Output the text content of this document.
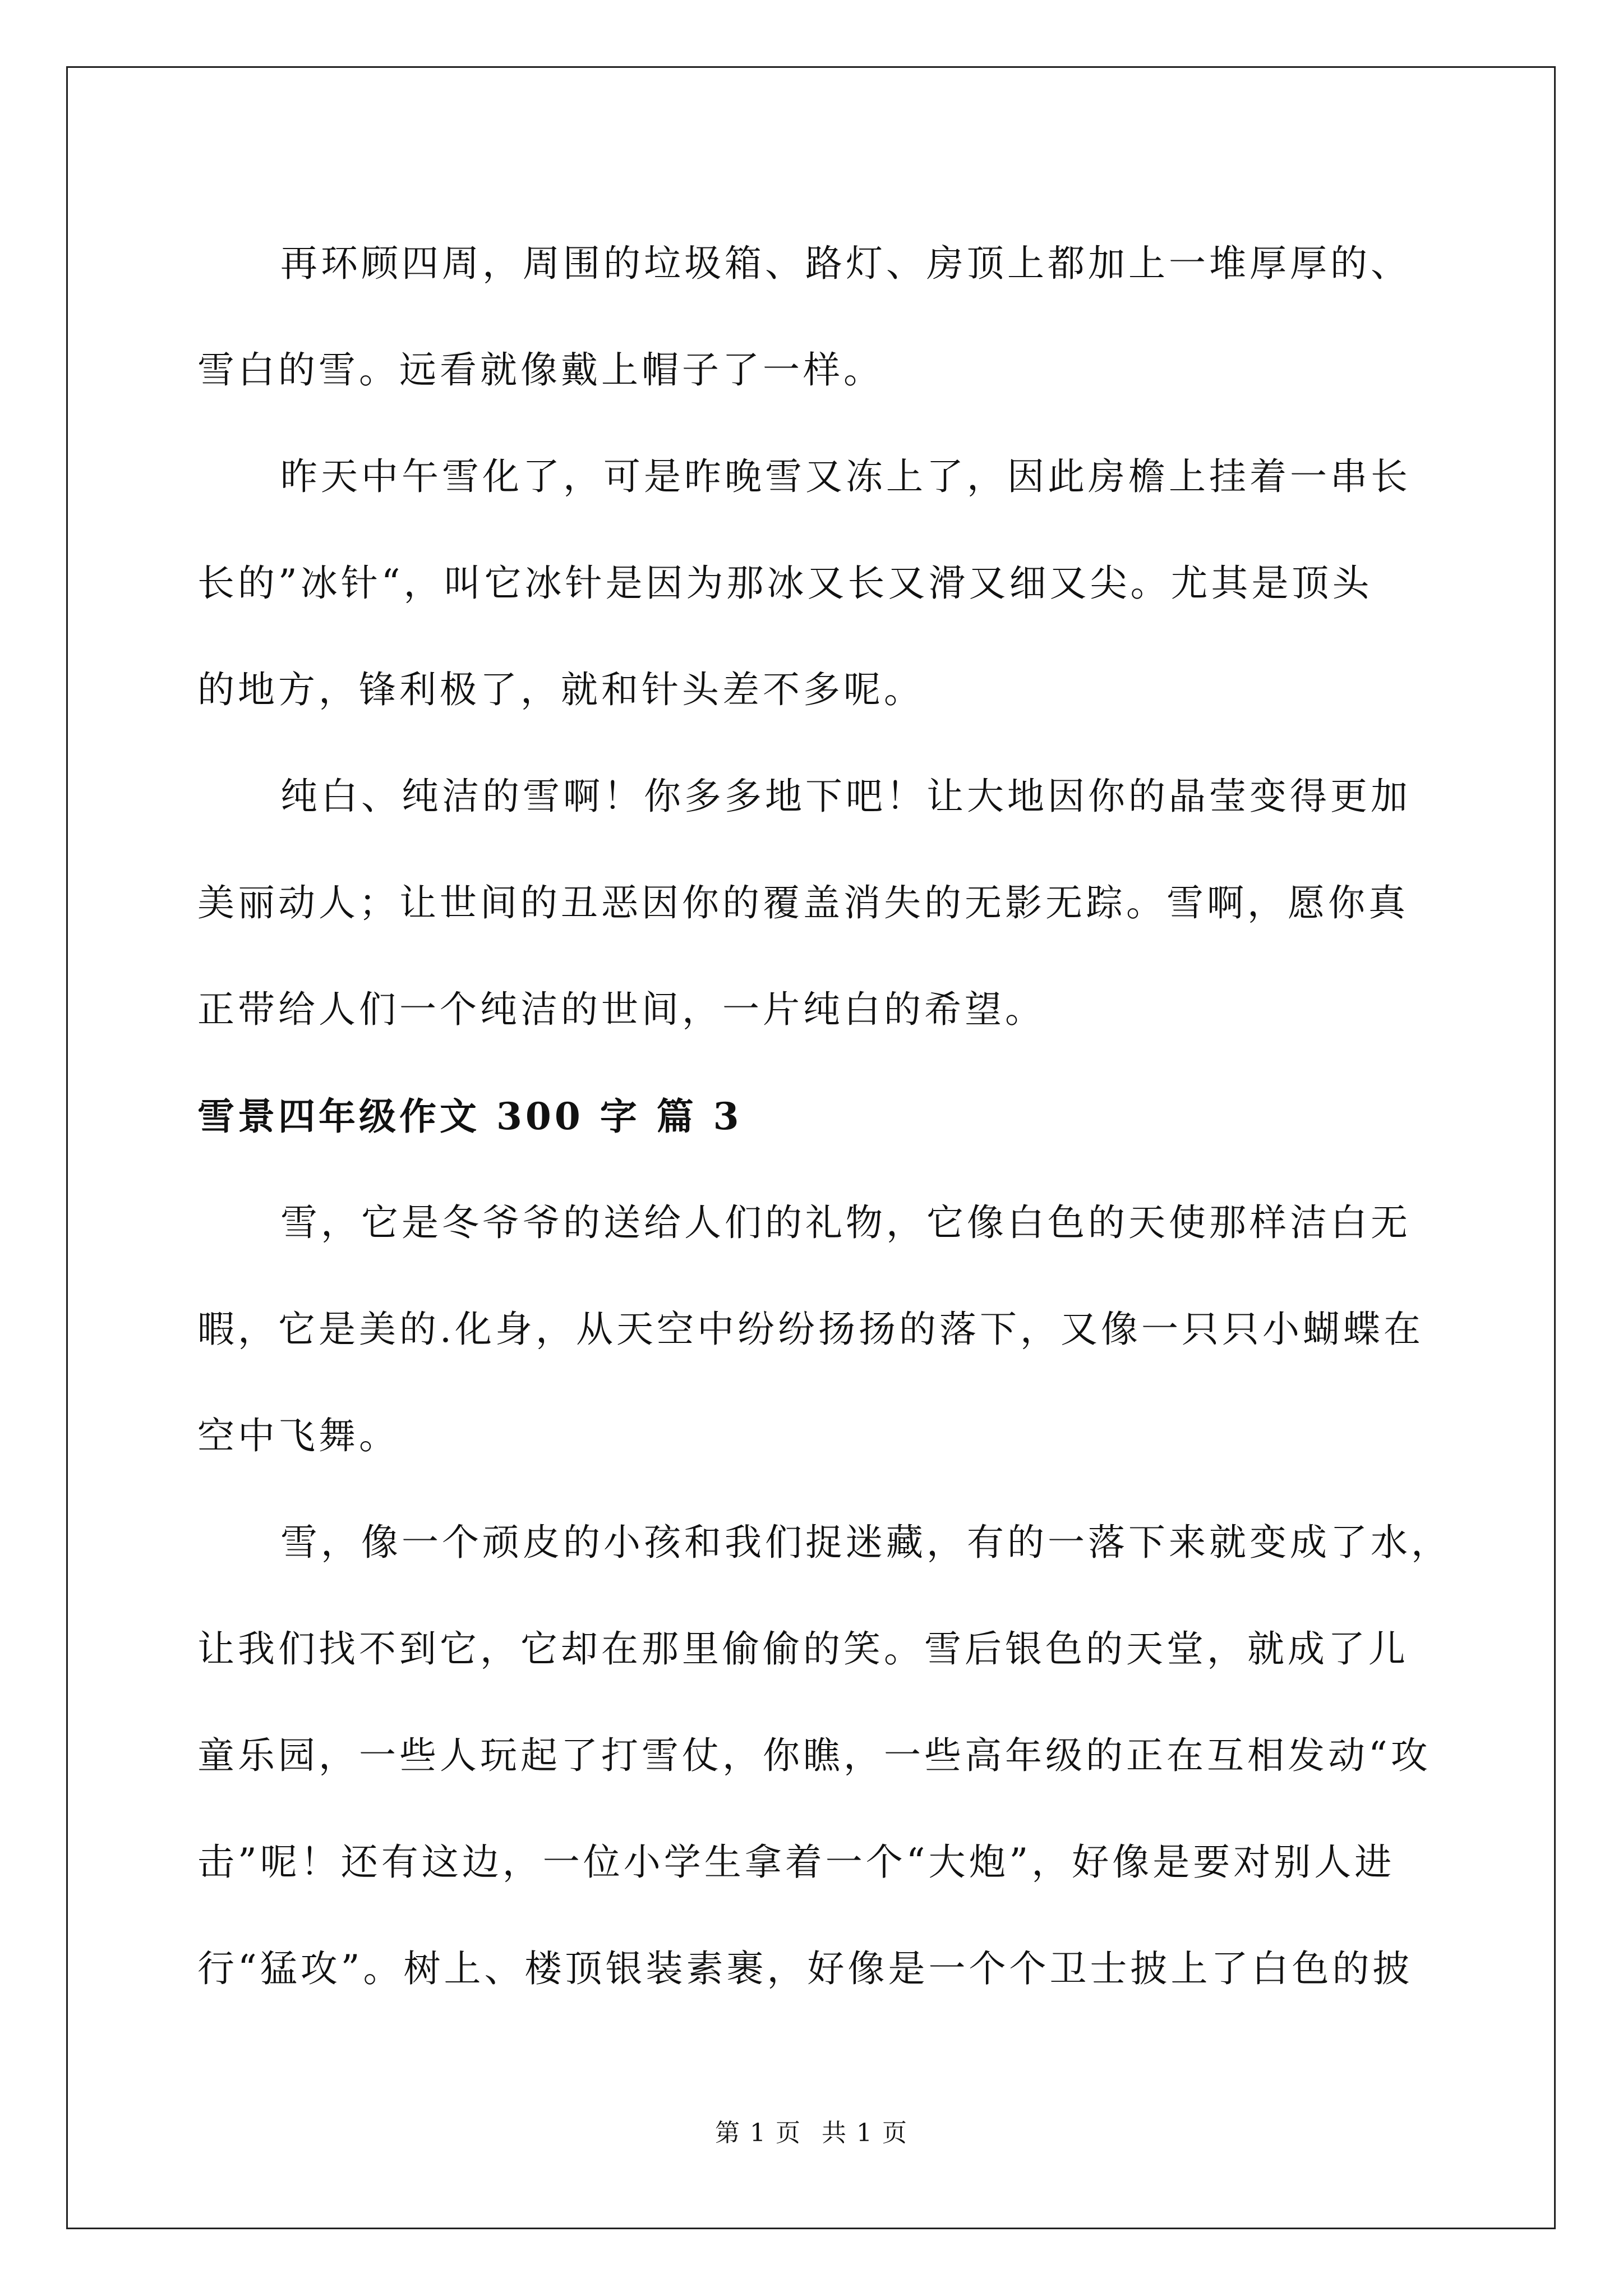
再环顾四周，周围的垃圾箱、路灯、房顶上都加上一堆厚厚的、
雪白的雪。远看就像戴上帽子了一样。

昨天中午雪化了，可是昨晚雪又冻上了，因此房檐上挂着一串长
长的”冰针“，叫它冰针是因为那冰又长又滑又细又尖。尤其是顶头
的地方，锋利极了，就和针头差不多呢。

纯白、纯洁的雪啊！你多多地下吧！让大地因你的晶莹变得更加
美丽动人；让世间的丑恶因你的覆盖消失的无影无踪。雪啊，愿你真
正带给人们一个纯洁的世间，一片纯白的希望。

雪景四年级作文 300 字 篇 3

雪，它是冬爷爷的送给人们的礼物，它像白色的天使那样洁白无
暇，它是美的.化身，从天空中纷纷扬扬的落下，又像一只只小蝴蝶在
空中飞舞。

雪，像一个顽皮的小孩和我们捉迷藏，有的一落下来就变成了水，
让我们找不到它，它却在那里偷偷的笑。雪后银色的天堂，就成了儿
童乐园，一些人玩起了打雪仗，你瞧，一些高年级的正在互相发动“攻
击”呢！还有这边，一位小学生拿着一个“大炮”，好像是要对别人进
行“猛攻”。树上、楼顶银装素裹，好像是一个个卫士披上了白色的披

第 1 页 共 1 页
